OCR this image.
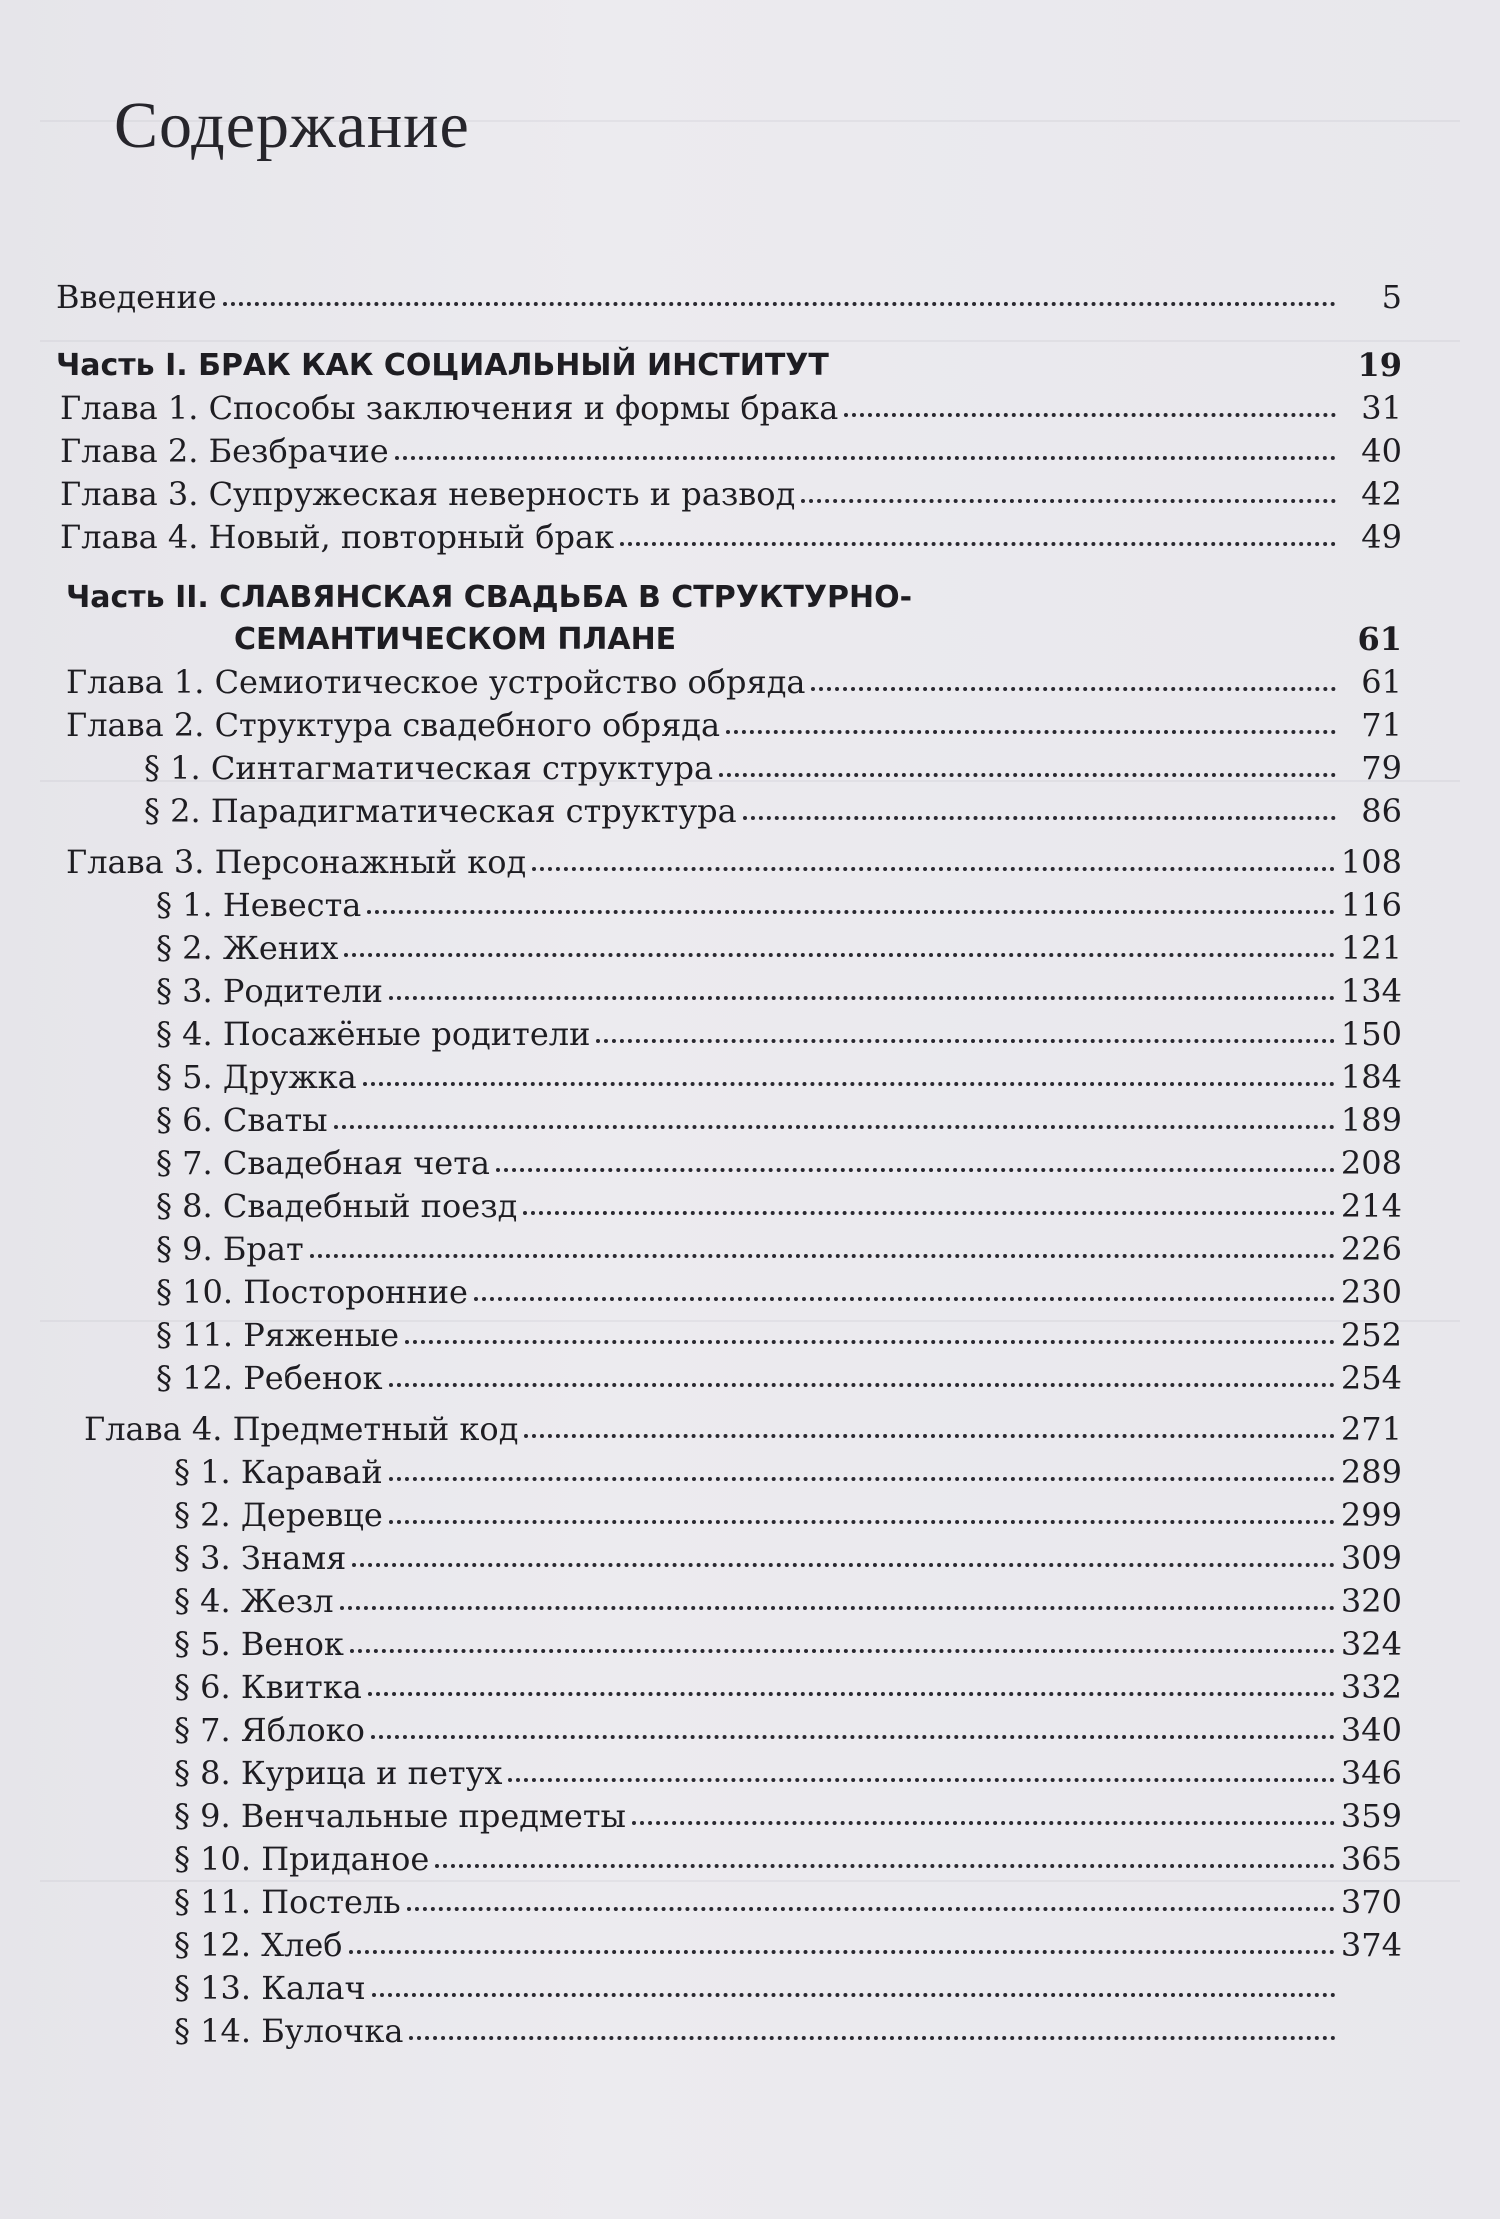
Содержание
Введение	5
Часть I. БРАК КАК СОЦИАЛЬНЫЙ ИНСТИТУТ	19
Глава 1. Способы заключения и формы брака	31
Глава 2. Безбрачие	40
Глава 3. Супружеская неверность и развод	42
Глава 4. Новый, повторный брак	49
Часть II. СЛАВЯНСКАЯ СВАДЬБА В СТРУКТУРНО-
СЕМАНТИЧЕСКОМ ПЛАНЕ	61
Глава 1. Семиотическое устройство обряда	61
Глава 2. Структура свадебного обряда	71
§ 1. Синтагматическая структура	79
§ 2. Парадигматическая структура	86
Глава 3. Персонажный код	108
§ 1. Невеста	116
§ 2. Жених	121
§ 3. Родители	134
§ 4. Посажёные родители	150
§ 5. Дружка	184
§ 6. Сваты	189
§ 7. Свадебная чета	208
§ 8. Свадебный поезд	214
§ 9. Брат	226
§ 10. Посторонние	230
§ 11. Ряженые	252
§ 12. Ребенок	254
Глава 4. Предметный код	271
§ 1. Каравай	289
§ 2. Деревце	299
§ 3. Знамя	309
§ 4. Жезл	320
§ 5. Венок	324
§ 6. Квитка	332
§ 7. Яблоко	340
§ 8. Курица и петух	346
§ 9. Венчальные предметы	359
§ 10. Приданое	365
§ 11. Постель	370
§ 12. Хлеб	374
§ 13. Калач
§ 14. Булочка
